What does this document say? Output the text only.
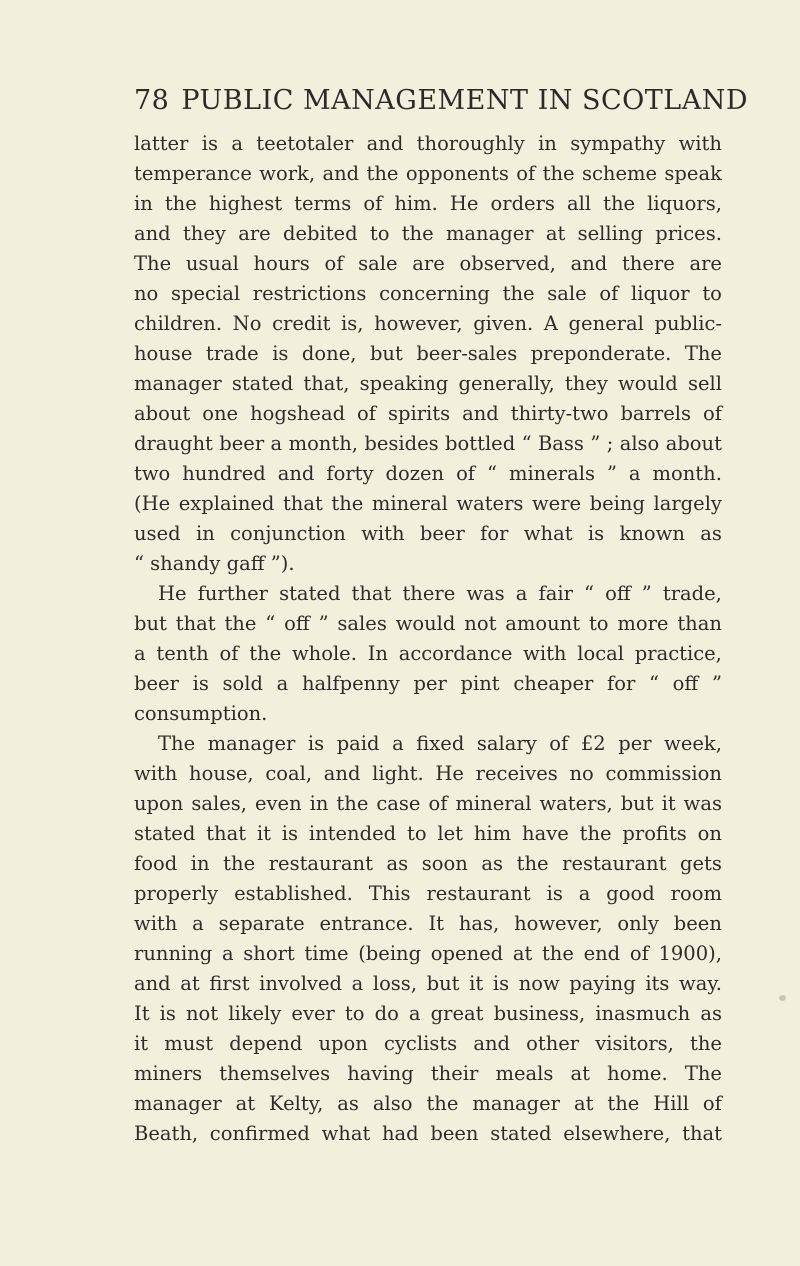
78 PUBLIC MANAGEMENT IN SCOTLAND
latter is a teetotaler and thoroughly in sympathy with
temperance work, and the opponents of the scheme speak
in the highest terms of him. He orders all the liquors,
and they are debited to the manager at selling prices.
The usual hours of sale are observed, and there are
no special restrictions concerning the sale of liquor to
children. No credit is, however, given. A general public-
house trade is done, but beer-sales preponderate. The
manager stated that, speaking generally, they would sell
about one hogshead of spirits and thirty-two barrels of
draught beer a month, besides bottled “ Bass ” ; also about
two hundred and forty dozen of “ minerals ” a month.
(He explained that the mineral waters were being largely
used in conjunction with beer for what is known as
“ shandy gaff ”).
He further stated that there was a fair “ off ” trade,
but that the “ off ” sales would not amount to more than
a tenth of the whole. In accordance with local practice,
beer is sold a halfpenny per pint cheaper for “ off ”
consumption.
The manager is paid a fixed salary of £2 per week,
with house, coal, and light. He receives no commission
upon sales, even in the case of mineral waters, but it was
stated that it is intended to let him have the profits on
food in the restaurant as soon as the restaurant gets
properly established. This restaurant is a good room
with a separate entrance. It has, however, only been
running a short time (being opened at the end of 1900),
and at first involved a loss, but it is now paying its way.
It is not likely ever to do a great business, inasmuch as
it must depend upon cyclists and other visitors, the
miners themselves having their meals at home. The
manager at Kelty, as also the manager at the Hill of
Beath, confirmed what had been stated elsewhere, that
